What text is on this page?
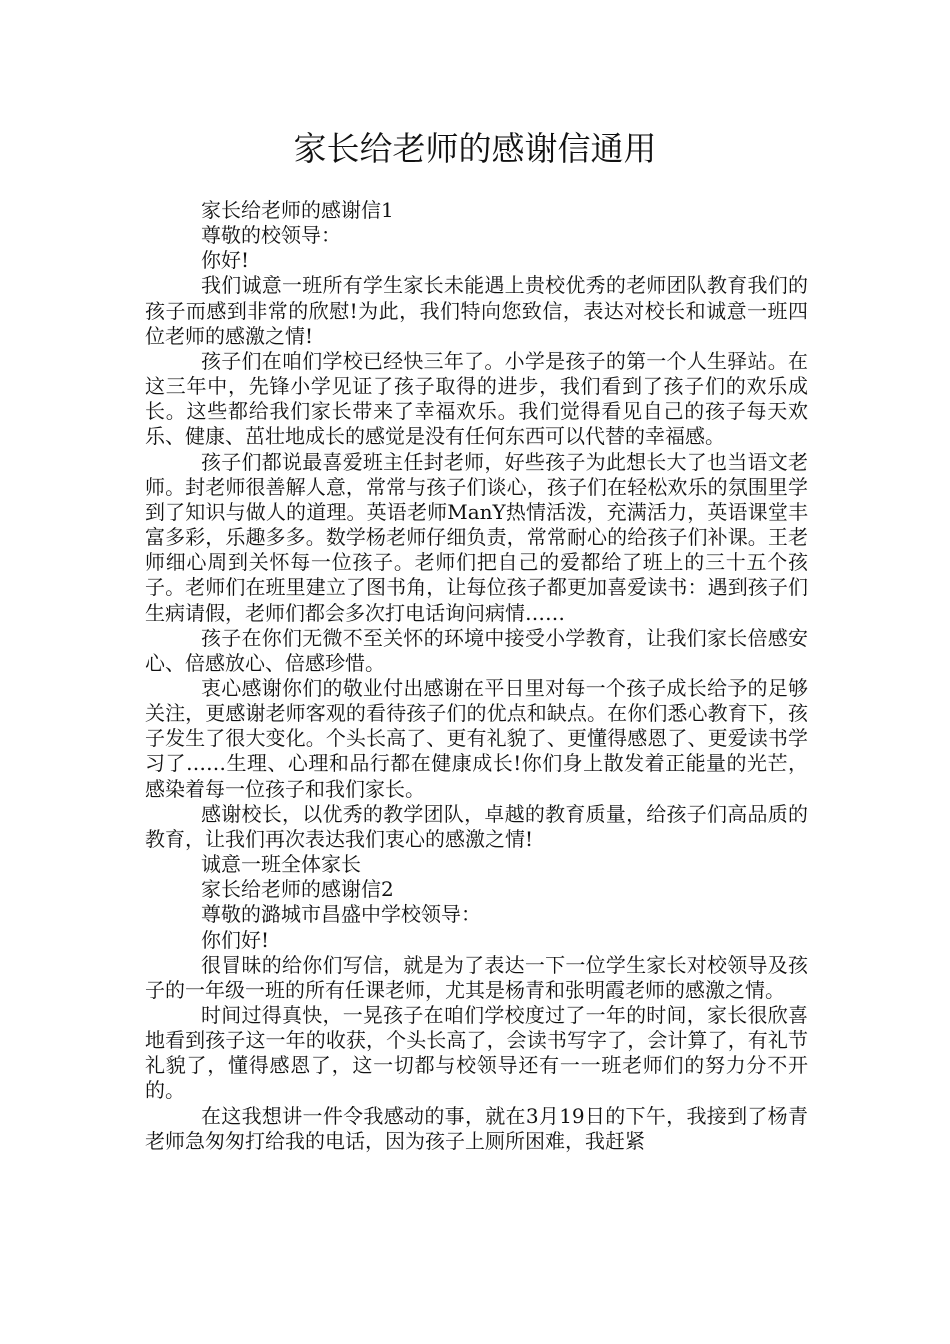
家长给老师的感谢信通用

家长给老师的感谢信1

尊敬的校领导：

你好!

我们诚意一班所有学生家长未能遇上贵校优秀的老师团队教育我们的孩子而感到非常的欣慰!为此，我们特向您致信，表达对校长和诚意一班四位老师的感激之情!

孩子们在咱们学校已经快三年了。小学是孩子的第一个人生驿站。在这三年中，先锋小学见证了孩子取得的进步，我们看到了孩子们的欢乐成长。这些都给我们家长带来了幸福欢乐。我们觉得看见自己的孩子每天欢乐、健康、茁壮地成长的感觉是没有任何东西可以代替的幸福感。

孩子们都说最喜爱班主任封老师，好些孩子为此想长大了也当语文老师。封老师很善解人意，常常与孩子们谈心，孩子们在轻松欢乐的氛围里学到了知识与做人的道理。英语老师ManY热情活泼，充满活力，英语课堂丰富多彩，乐趣多多。数学杨老师仔细负责，常常耐心的给孩子们补课。王老师细心周到关怀每一位孩子。老师们把自己的爱都给了班上的三十五个孩子。老师们在班里建立了图书角，让每位孩子都更加喜爱读书：遇到孩子们生病请假，老师们都会多次打电话询问病情……

孩子在你们无微不至关怀的环境中接受小学教育，让我们家长倍感安心、倍感放心、倍感珍惜。

衷心感谢你们的敬业付出感谢在平日里对每一个孩子成长给予的足够关注，更感谢老师客观的看待孩子们的优点和缺点。在你们悉心教育下，孩子发生了很大变化。个头长高了、更有礼貌了、更懂得感恩了、更爱读书学习了……生理、心理和品行都在健康成长!你们身上散发着正能量的光芒，感染着每一位孩子和我们家长。

感谢校长，以优秀的教学团队，卓越的教育质量，给孩子们高品质的教育，让我们再次表达我们衷心的感激之情!

诚意一班全体家长

家长给老师的感谢信2

尊敬的潞城市昌盛中学校领导：

你们好!

很冒昧的给你们写信，就是为了表达一下一位学生家长对校领导及孩子的一年级一班的所有任课老师，尤其是杨青和张明霞老师的感激之情。

时间过得真快，一晃孩子在咱们学校度过了一年的时间，家长很欣喜地看到孩子这一年的收获，个头长高了，会读书写字了，会计算了，有礼节礼貌了，懂得感恩了，这一切都与校领导还有一一班老师们的努力分不开的。

在这我想讲一件令我感动的事，就在3月19日的下午，我接到了杨青老师急匆匆打给我的电话，因为孩子上厕所困难，我赶紧
